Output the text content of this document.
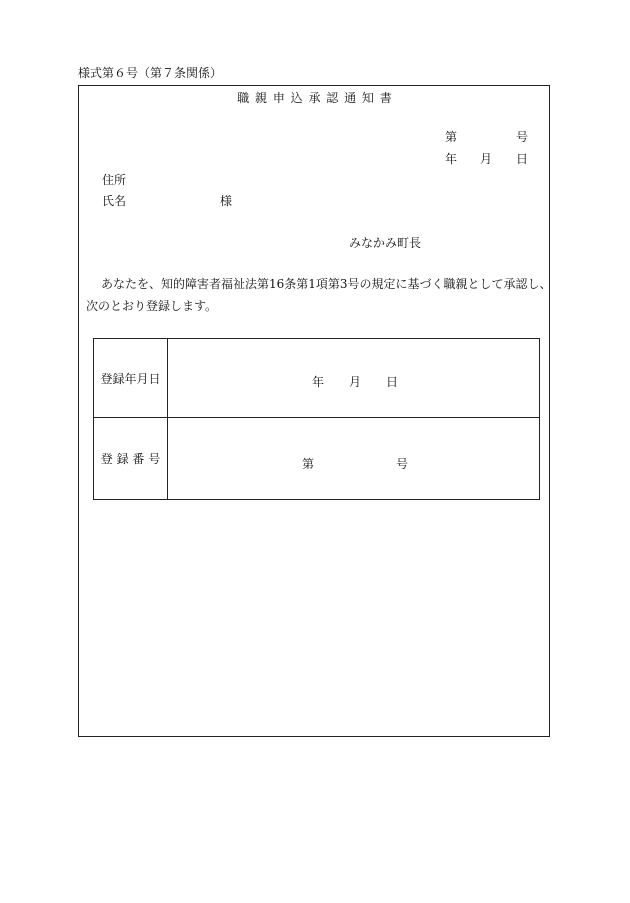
様式第６号（第７条関係）
職 親 申 込 承 認 通 知 書
第	号
年 月 日
住所
氏名	様
みなかみ町長
あなたを、知的障害者福祉法第16条第1項第3号の規定に基づく職親として承認し、
次のとおり登録します。
登録年月日	年 月 日
登 録 番 号	第	号
